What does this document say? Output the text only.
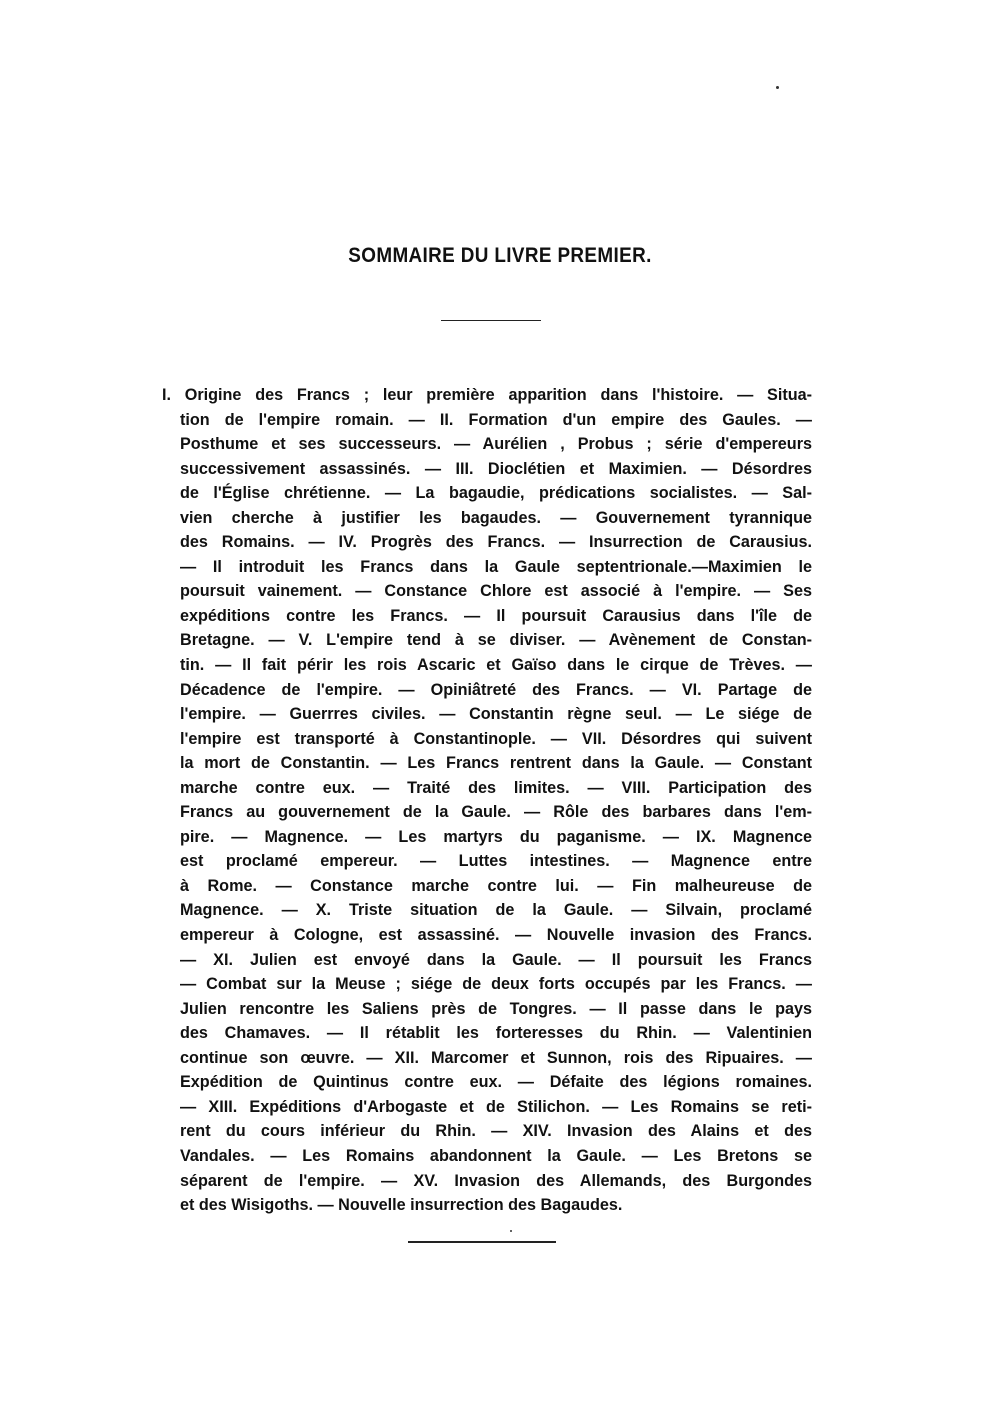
SOMMAIRE DU LIVRE PREMIER.
I. Origine des Francs ; leur première apparition dans l'histoire. — Situa-
tion de l'empire romain. — II. Formation d'un empire des Gaules. —
Posthume et ses successeurs. — Aurélien , Probus ; série d'empereurs
successivement assassinés. — III. Dioclétien et Maximien. — Désordres
de l'Église chrétienne. — La bagaudie, prédications socialistes. — Sal-
vien cherche à justifier les bagaudes. — Gouvernement tyrannique
des Romains. — IV. Progrès des Francs. — Insurrection de Carausius.
— Il introduit les Francs dans la Gaule septentrionale.—Maximien le
poursuit vainement. — Constance Chlore est associé à l'empire. — Ses
expéditions contre les Francs. — Il poursuit Carausius dans l'île de
Bretagne. — V. L'empire tend à se diviser. — Avènement de Constan-
tin. — Il fait périr les rois Ascaric et Gaïso dans le cirque de Trèves. —
Décadence de l'empire. — Opiniâtreté des Francs. — VI. Partage de
l'empire. — Guerrres civiles. — Constantin règne seul. — Le siége de
l'empire est transporté à Constantinople. — VII. Désordres qui suivent
la mort de Constantin. — Les Francs rentrent dans la Gaule. — Constant
marche contre eux. — Traité des limites. — VIII. Participation des
Francs au gouvernement de la Gaule. — Rôle des barbares dans l'em-
pire. — Magnence. — Les martyrs du paganisme. — IX. Magnence
est proclamé empereur. — Luttes intestines. — Magnence entre
à Rome. — Constance marche contre lui. — Fin malheureuse de
Magnence. — X. Triste situation de la Gaule. — Silvain, proclamé
empereur à Cologne, est assassiné. — Nouvelle invasion des Francs.
— XI. Julien est envoyé dans la Gaule. — Il poursuit les Francs
— Combat sur la Meuse ; siége de deux forts occupés par les Francs. —
Julien rencontre les Saliens près de Tongres. — Il passe dans le pays
des Chamaves. — Il rétablit les forteresses du Rhin. — Valentinien
continue son œuvre. — XII. Marcomer et Sunnon, rois des Ripuaires. —
Expédition de Quintinus contre eux. — Défaite des légions romaines.
— XIII. Expéditions d'Arbogaste et de Stilichon. — Les Romains se reti-
rent du cours inférieur du Rhin. — XIV. Invasion des Alains et des
Vandales. — Les Romains abandonnent la Gaule. — Les Bretons se
séparent de l'empire. — XV. Invasion des Allemands, des Burgondes
et des Wisigoths. — Nouvelle insurrection des Bagaudes.
